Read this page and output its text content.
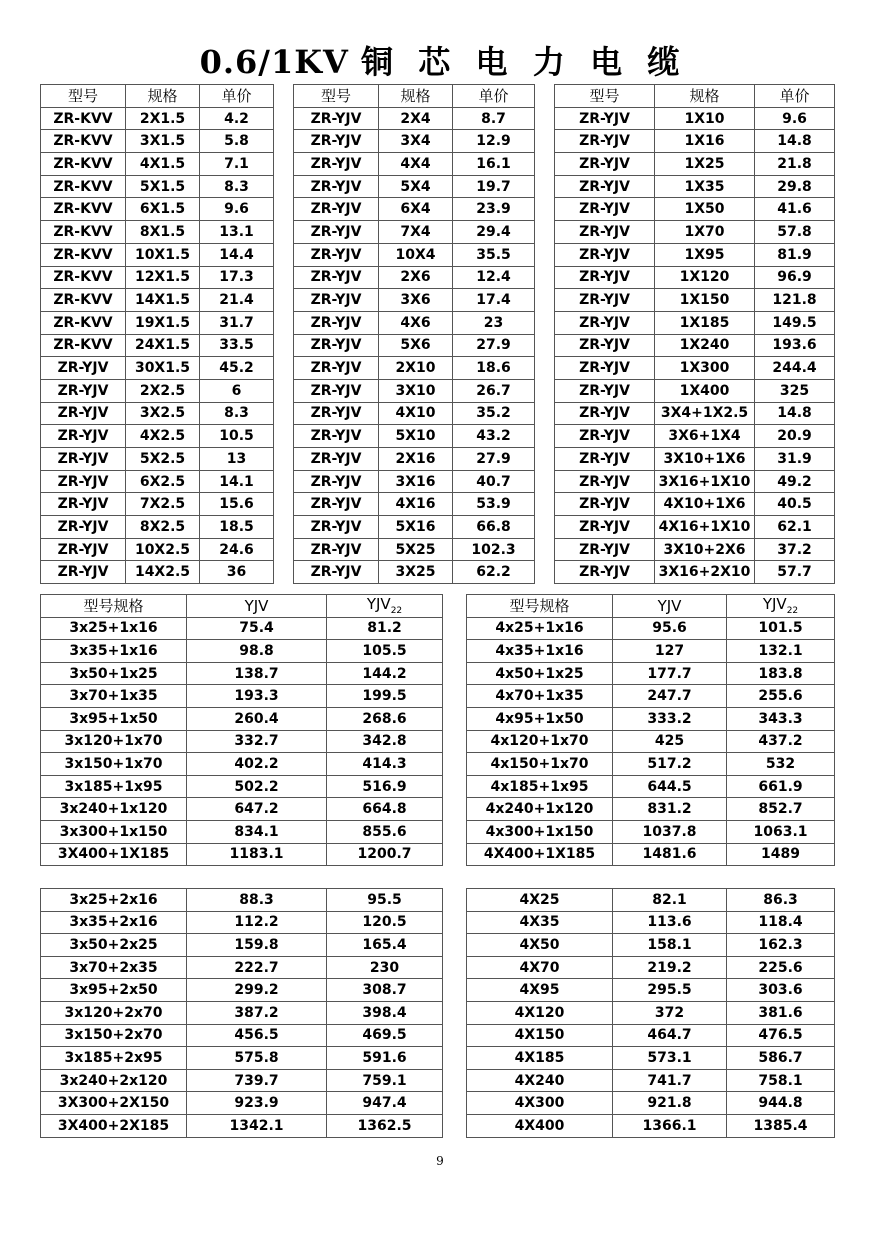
0.6/1KV 铜  芯  电  力  电  缆
型号	规格	单价		型号	规格	单价		型号	规格	单价
ZR-KVV	2X1.5	4.2		ZR-YJV	2X4	8.7		ZR-YJV	1X10	9.6
ZR-KVV	3X1.5	5.8		ZR-YJV	3X4	12.9		ZR-YJV	1X16	14.8
ZR-KVV	4X1.5	7.1		ZR-YJV	4X4	16.1		ZR-YJV	1X25	21.8
ZR-KVV	5X1.5	8.3		ZR-YJV	5X4	19.7		ZR-YJV	1X35	29.8
ZR-KVV	6X1.5	9.6		ZR-YJV	6X4	23.9		ZR-YJV	1X50	41.6
ZR-KVV	8X1.5	13.1		ZR-YJV	7X4	29.4		ZR-YJV	1X70	57.8
ZR-KVV	10X1.5	14.4		ZR-YJV	10X4	35.5		ZR-YJV	1X95	81.9
ZR-KVV	12X1.5	17.3		ZR-YJV	2X6	12.4		ZR-YJV	1X120	96.9
ZR-KVV	14X1.5	21.4		ZR-YJV	3X6	17.4		ZR-YJV	1X150	121.8
ZR-KVV	19X1.5	31.7		ZR-YJV	4X6	23		ZR-YJV	1X185	149.5
ZR-KVV	24X1.5	33.5		ZR-YJV	5X6	27.9		ZR-YJV	1X240	193.6
ZR-YJV	30X1.5	45.2		ZR-YJV	2X10	18.6		ZR-YJV	1X300	244.4
ZR-YJV	2X2.5	6		ZR-YJV	3X10	26.7		ZR-YJV	1X400	325
ZR-YJV	3X2.5	8.3		ZR-YJV	4X10	35.2		ZR-YJV	3X4+1X2.5	14.8
ZR-YJV	4X2.5	10.5		ZR-YJV	5X10	43.2		ZR-YJV	3X6+1X4	20.9
ZR-YJV	5X2.5	13		ZR-YJV	2X16	27.9		ZR-YJV	3X10+1X6	31.9
ZR-YJV	6X2.5	14.1		ZR-YJV	3X16	40.7		ZR-YJV	3X16+1X10	49.2
ZR-YJV	7X2.5	15.6		ZR-YJV	4X16	53.9		ZR-YJV	4X10+1X6	40.5
ZR-YJV	8X2.5	18.5		ZR-YJV	5X16	66.8		ZR-YJV	4X16+1X10	62.1
ZR-YJV	10X2.5	24.6		ZR-YJV	5X25	102.3		ZR-YJV	3X10+2X6	37.2
ZR-YJV	14X2.5	36		ZR-YJV	3X25	62.2		ZR-YJV	3X16+2X10	57.7
型号规格	YJV	$YJV_{22}$		型号规格	YJV	$YJV_{22}$
3x25+1x16	75.4	81.2		4x25+1x16	95.6	101.5
3x35+1x16	98.8	105.5		4x35+1x16	127	132.1
3x50+1x25	138.7	144.2		4x50+1x25	177.7	183.8
3x70+1x35	193.3	199.5		4x70+1x35	247.7	255.6
3x95+1x50	260.4	268.6		4x95+1x50	333.2	343.3
3x120+1x70	332.7	342.8		4x120+1x70	425	437.2
3x150+1x70	402.2	414.3		4x150+1x70	517.2	532
3x185+1x95	502.2	516.9		4x185+1x95	644.5	661.9
3x240+1x120	647.2	664.8		4x240+1x120	831.2	852.7
3x300+1x150	834.1	855.6		4x300+1x150	1037.8	1063.1
3X400+1X185	1183.1	1200.7		4X400+1X185	1481.6	1489
3x25+2x16	88.3	95.5		4X25	82.1	86.3
3x35+2x16	112.2	120.5		4X35	113.6	118.4
3x50+2x25	159.8	165.4		4X50	158.1	162.3
3x70+2x35	222.7	230		4X70	219.2	225.6
3x95+2x50	299.2	308.7		4X95	295.5	303.6
3x120+2x70	387.2	398.4		4X120	372	381.6
3x150+2x70	456.5	469.5		4X150	464.7	476.5
3x185+2x95	575.8	591.6		4X185	573.1	586.7
3x240+2x120	739.7	759.1		4X240	741.7	758.1
3X300+2X150	923.9	947.4		4X300	921.8	944.8
3X400+2X185	1342.1	1362.5		4X400	1366.1	1385.4
9
